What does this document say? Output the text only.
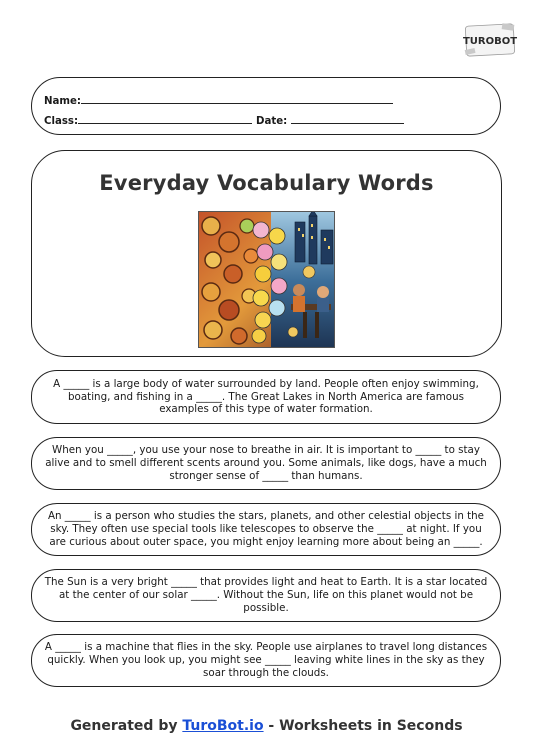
TUROBOT
Name:
Class:	Date:
Everyday Vocabulary Words
A _____ is a large body of water surrounded by land. People often enjoy swimming, boating, and fishing in a _____. The Great Lakes in North America are famous examples of this type of water formation.
When you _____, you use your nose to breathe in air. It is important to _____ to stay alive and to smell different scents around you. Some animals, like dogs, have a much stronger sense of _____ than humans.
An _____ is a person who studies the stars, planets, and other celestial objects in the sky. They often use special tools like telescopes to observe the _____ at night. If you are curious about outer space, you might enjoy learning more about being an _____.
The Sun is a very bright _____ that provides light and heat to Earth. It is a star located at the center of our solar _____. Without the Sun, life on this planet would not be possible.
A _____ is a machine that flies in the sky. People use airplanes to travel long distances quickly. When you look up, you might see _____ leaving white lines in the sky as they soar through the clouds.
Generated by TuroBot.io - Worksheets in Seconds
